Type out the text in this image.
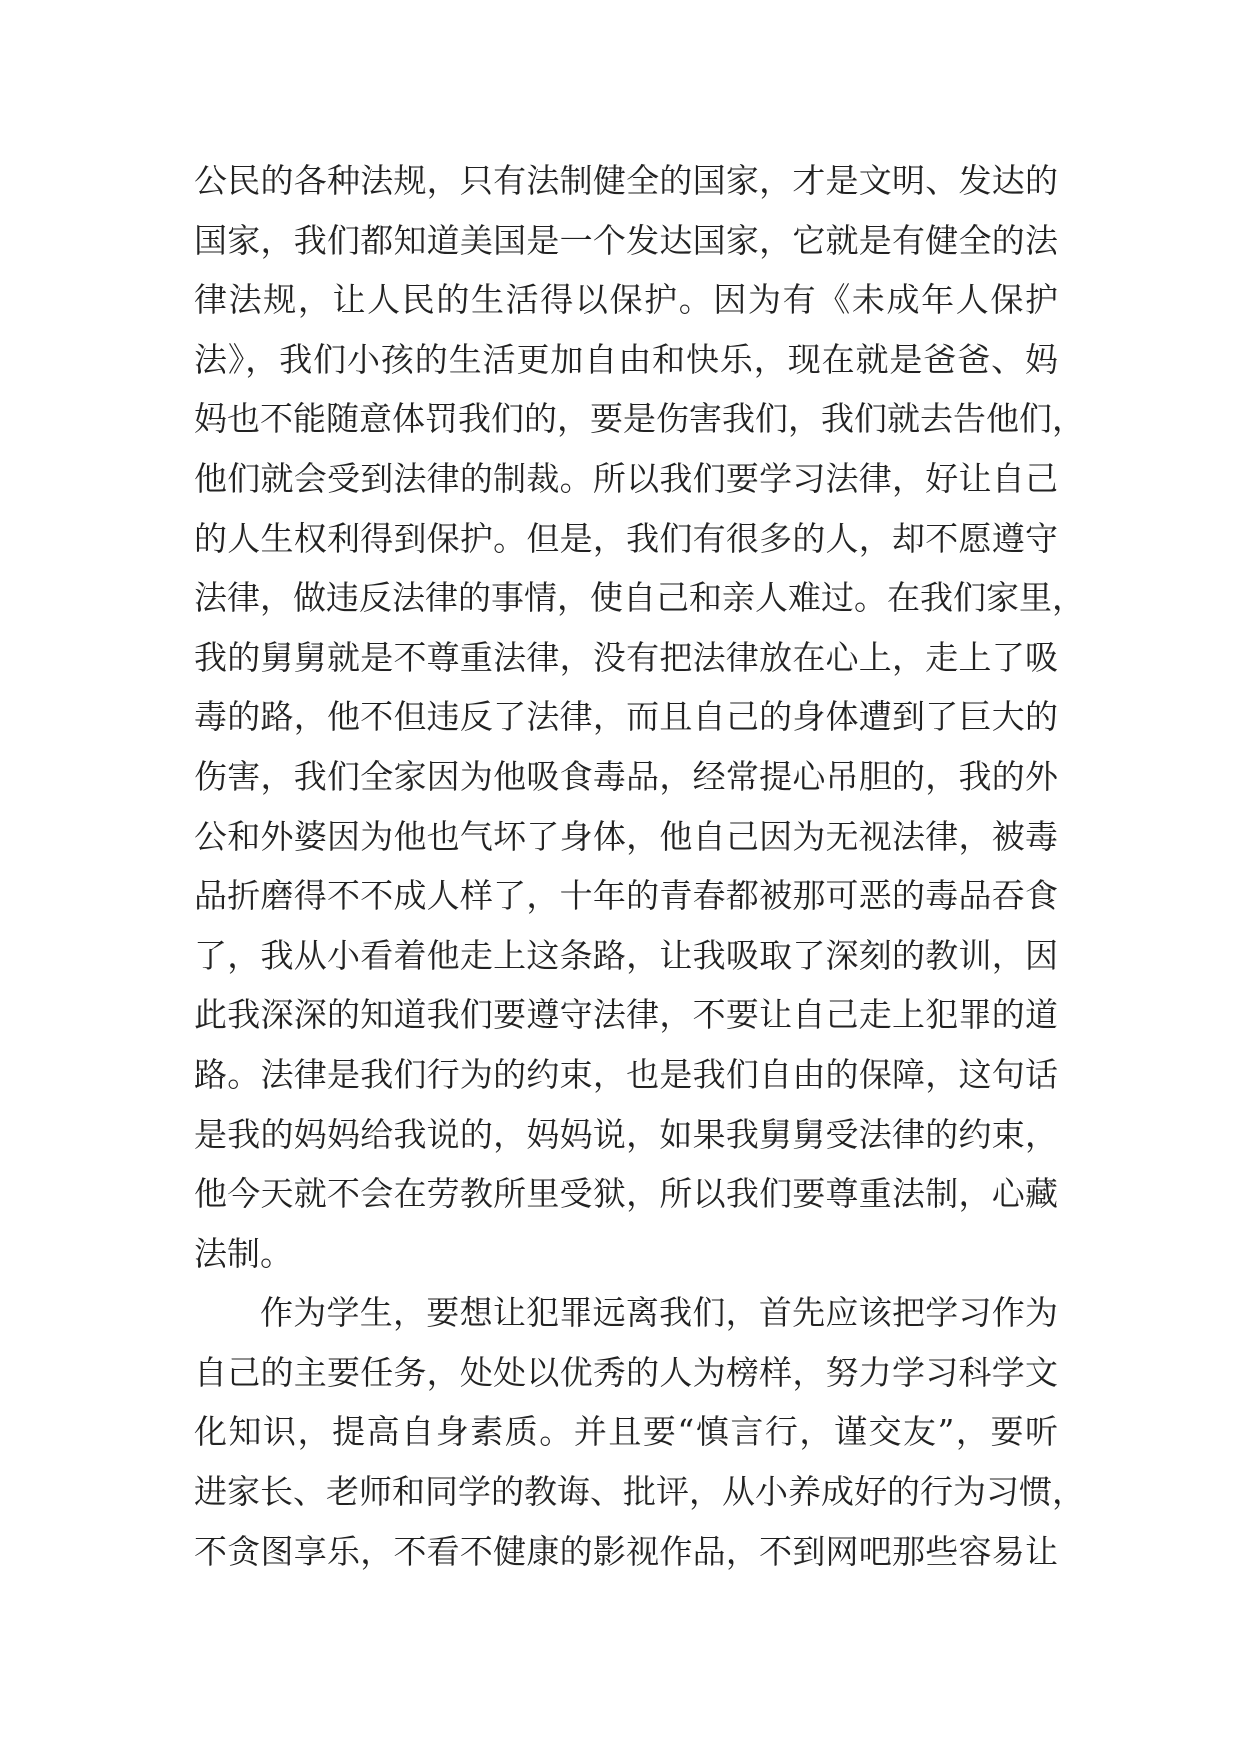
公民的各种法规，只有法制健全的国家，才是文明、发达的
国家，我们都知道美国是一个发达国家，它就是有健全的法
律法规，让人民的生活得以保护。因为有《未成年人保护
法》，我们小孩的生活更加自由和快乐，现在就是爸爸、妈
妈也不能随意体罚我们的，要是伤害我们，我们就去告他们，
他们就会受到法律的制裁。所以我们要学习法律，好让自己
的人生权利得到保护。但是，我们有很多的人，却不愿遵守
法律，做违反法律的事情，使自己和亲人难过。在我们家里，
我的舅舅就是不尊重法律，没有把法律放在心上，走上了吸
毒的路，他不但违反了法律，而且自己的身体遭到了巨大的
伤害，我们全家因为他吸食毒品，经常提心吊胆的，我的外
公和外婆因为他也气坏了身体，他自己因为无视法律，被毒
品折磨得不不成人样了，十年的青春都被那可恶的毒品吞食
了，我从小看着他走上这条路，让我吸取了深刻的教训，因
此我深深的知道我们要遵守法律，不要让自己走上犯罪的道
路。法律是我们行为的约束，也是我们自由的保障，这句话
是我的妈妈给我说的，妈妈说，如果我舅舅受法律的约束，
他今天就不会在劳教所里受狱，所以我们要尊重法制，心藏
法制。
作为学生，要想让犯罪远离我们，首先应该把学习作为
自己的主要任务，处处以优秀的人为榜样，努力学习科学文
化知识，提高自身素质。并且要“慎言行，谨交友”，要听
进家长、老师和同学的教诲、批评，从小养成好的行为习惯，
不贪图享乐，不看不健康的影视作品，不到网吧那些容易让
